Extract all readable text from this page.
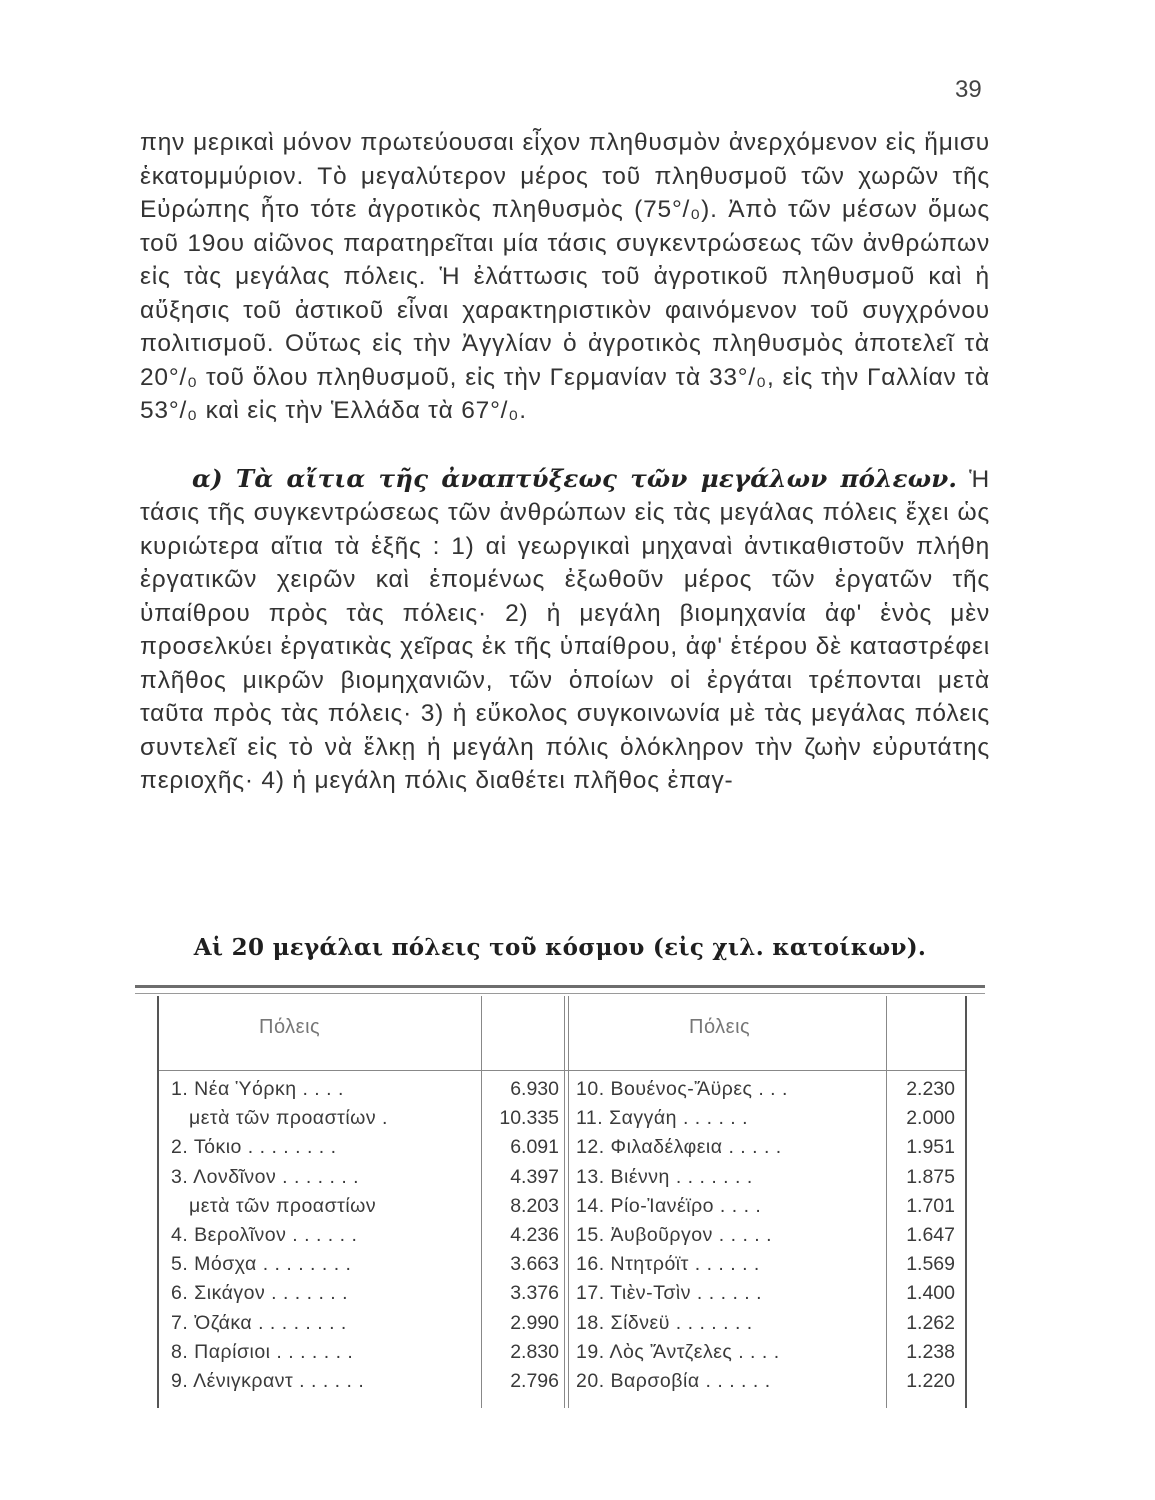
39

πην μερικαὶ μόνον πρωτεύουσαι εἶχον πληθυσμὸν ἀνερχόμενον εἰς ἥμισυ ἑκατομμύριον. Τὸ μεγαλύτερον μέρος τοῦ πληθυσμοῦ τῶν χωρῶν τῆς Εὐρώπης ἦτο τότε ἀγροτικὸς πληθυσμὸς (75°/₀). Ἀπὸ τῶν μέσων ὅμως τοῦ 19ου αἰῶνος παρατηρεῖται μία τάσις συγκεντρώσεως τῶν ἀνθρώπων εἰς τὰς μεγάλας πόλεις. Ἡ ἐλάττωσις τοῦ ἀγροτικοῦ πληθυσμοῦ καὶ ἡ αὔξησις τοῦ ἀστικοῦ εἶναι χαρακτηριστικὸν φαινόμενον τοῦ συγχρόνου πολιτισμοῦ. Οὕτως εἰς τὴν Ἀγγλίαν ὁ ἀγροτικὸς πληθυσμὸς ἀποτελεῖ τὰ 20°/₀ τοῦ ὅλου πληθυσμοῦ, εἰς τὴν Γερμανίαν τὰ 33°/₀, εἰς τὴν Γαλλίαν τὰ 53°/₀ καὶ εἰς τὴν Ἑλλάδα τὰ 67°/₀.

α) Τὰ αἴτια τῆς ἀναπτύξεως τῶν μεγάλων πόλεων. Ἡ τάσις τῆς συγκεντρώσεως τῶν ἀνθρώπων εἰς τὰς μεγάλας πόλεις ἔχει ὡς κυριώτερα αἴτια τὰ ἑξῆς : 1) αἱ γεωργικαὶ μηχαναὶ ἀντικαθιστοῦν πλήθη ἐργατικῶν χειρῶν καὶ ἑπομένως ἐξωθοῦν μέρος τῶν ἐργατῶν τῆς ὑπαίθρου πρὸς τὰς πόλεις· 2) ἡ μεγάλη βιομηχανία ἀφ' ἑνὸς μὲν προσελκύει ἐργατικὰς χεῖρας ἐκ τῆς ὑπαίθρου, ἀφ' ἑτέρου δὲ καταστρέφει πλῆθος μικρῶν βιομηχανιῶν, τῶν ὁποίων οἱ ἐργάται τρέπονται μετὰ ταῦτα πρὸς τὰς πόλεις· 3) ἡ εὔκολος συγκοινωνία μὲ τὰς μεγάλας πόλεις συντελεῖ εἰς τὸ νὰ ἕλκῃ ἡ μεγάλη πόλις ὁλόκληρον τὴν ζωὴν εὐρυτάτης περιοχῆς· 4) ἡ μεγάλη πόλις διαθέτει πλῆθος ἐπαγ-

Αἱ 20 μεγάλαι πόλεις τοῦ κόσμου (εἰς χιλ. κατοίκων).
Πόλεις	Πόλεις
1. Νέα Ὑόρκη . . . .	6.930 10. Βουένος-Ἄϋρες . . .	2.230
μετὰ τῶν προαστίων .	10.335 11. Σαγγάη . . . . . .	2.000
2. Τόκιο . . . . . . . .	6.091 12. Φιλαδέλφεια . . . . .	1.951
3. Λονδῖνον . . . . . . .	4.397 13. Βιέννη . . . . . . .	1.875
μετὰ τῶν προαστίων	8.203 14. Ρίο-Ἰανέϊρο . . . .	1.701
4. Βερολῖνον . . . . . .	4.236 15. Ἀυβοῦργον . . . . .	1.647
5. Μόσχα . . . . . . . .	3.663 16. Ντητρόϊτ . . . . . .	1.569
6. Σικάγον . . . . . . .	3.376 17. Τιὲν-Τσὶν . . . . . .	1.400
7. Ὀζάκα . . . . . . . .	2.990 18. Σίδνεϋ . . . . . . .	1.262
8. Παρίσιοι . . . . . . .	2.830 19. Λὸς Ἄντζελες . . . .	1.238
9. Λένιγκραντ . . . . . .	2.796 20. Βαρσοβία . . . . . .	1.220
